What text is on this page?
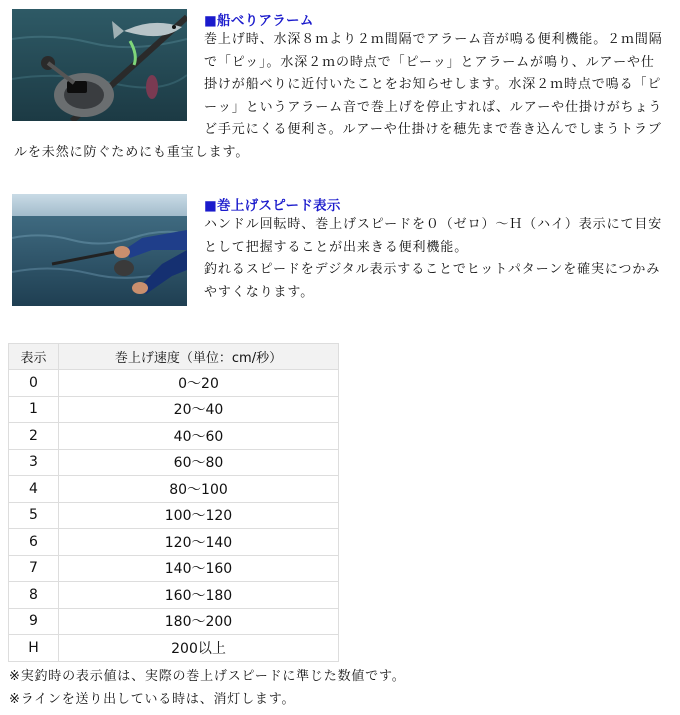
■船べりアラーム
巻上げ時、水深８ｍより２ｍ間隔でアラーム音が鳴る便利機能。２ｍ間隔で「ピッ」。水深２ｍの時点で「ピーッ」とアラームが鳴り、ルアーや仕掛けが船べりに近付いたことをお知らせします。水深２ｍ時点で鳴る「ピーッ」というアラーム音で巻上げを停止すれば、ルアーや仕掛けがちょうど手元にくる便利さ。ルアーや仕掛けを穂先まで巻き込んでしまうトラブルを未然に防ぐためにも重宝します。
■巻上げスピード表示

ハンドル回転時、巻上げスピードを０（ゼロ）〜Ｈ（ハイ）表示にて目安として把握することが出来きる便利機能。

釣れるスピードをデジタル表示することでヒットパターンを確実につかみやすくなります。

表示	巻上げ速度（単位：cm/秒）
0	0〜20
1	20〜40
2	40〜60
3	60〜80
4	80〜100
5	100〜120
6	120〜140
7	140〜160
8	160〜180
9	180〜200
H	200以上
※実釣時の表示値は、実際の巻上げスピードに準じた数値です。
※ラインを送り出している時は、消灯します。
